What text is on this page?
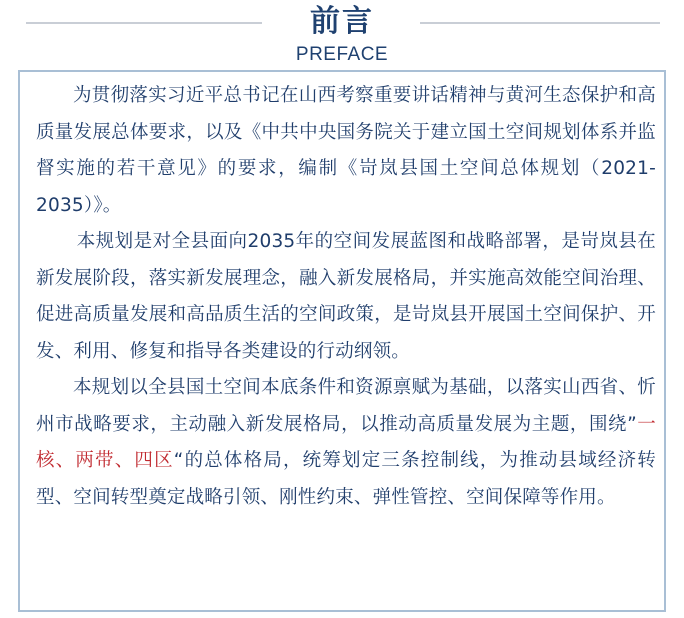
前言
PREFACE

为贯彻落实习近平总书记在山西考察重要讲话精神与黄河生态保护和高质量发展总体要求，以及《中共中央国务院关于建立国土空间规划体系并监督实施的若干意见》的要求，编制《岢岚县国土空间总体规划（2021-2035）》。

本规划是对全县面向2035年的空间发展蓝图和战略部署，是岢岚县在新发展阶段，落实新发展理念，融入新发展格局，并实施高效能空间治理、促进高质量发展和高品质生活的空间政策，是岢岚县开展国土空间保护、开发、利用、修复和指导各类建设的行动纲领。

本规划以全县国土空间本底条件和资源禀赋为基础，以落实山西省、忻州市战略要求，主动融入新发展格局，以推动高质量发展为主题，围绕”一核、两带、四区“的总体格局，统筹划定三条控制线，为推动县域经济转型、空间转型奠定战略引领、刚性约束、弹性管控、空间保障等作用。
